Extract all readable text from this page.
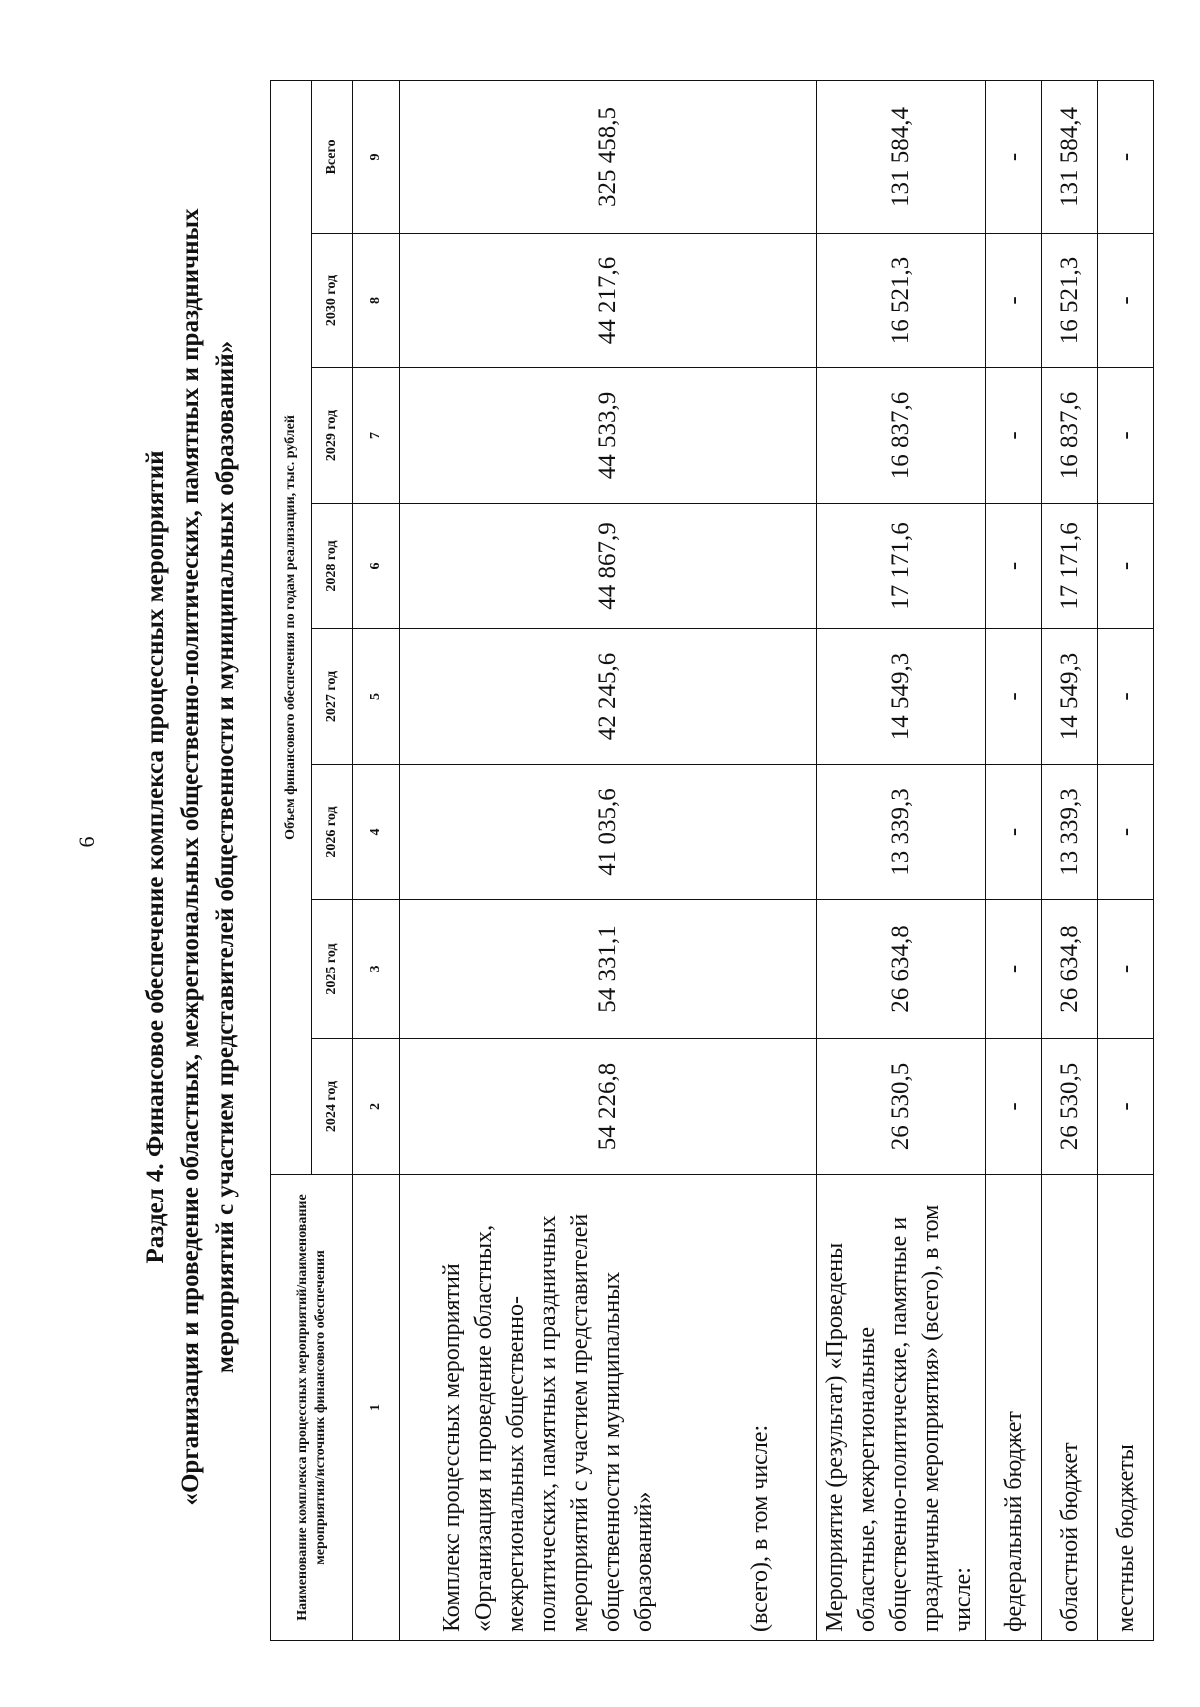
6 Раздел 4. Финансовое обеспечение комплекса процессных мероприятий «Организация и проведение областных, межрегиональных общественно-политических, памятных и праздничных мероприятий с участием представителей общественности и муниципальных образований»
Наименование комплекса процессных мероприятий/наименование мероприятия/источник финансового обеспечения	Объем финансового обеспечения по годам реализации, тыс. рублей							
	2024 год	2025 год	2026 год	2027 год	2028 год	2029 год	2030 год	Всего
1	2	3	4	5	6	7	8	9

Комплекс процессных мероприятий «Организация и проведение областных, межрегиональных общественно-политических, памятных и праздничных мероприятий с участием представителей общественности и муниципальных образований» (всего), в том числе:	54 226,8	54 331,1	41 035,6	42 245,6	44 867,9	44 533,9	44 217,6	325 458,5
Мероприятие (результат) «Проведены областные, межрегиональные общественно-политические, памятные и праздничные мероприятия» (всего), в том числе:	26 530,5	26 634,8	13 339,3	14 549,3	17 171,6	16 837,6	16 521,3	131 584,4
федеральный бюджет	-	-	-	-	-	-	-	-
областной бюджет	26 530,5	26 634,8	13 339,3	14 549,3	17 171,6	16 837,6	16 521,3	131 584,4
местные бюджеты	-	-	-	-	-	-	-	-
